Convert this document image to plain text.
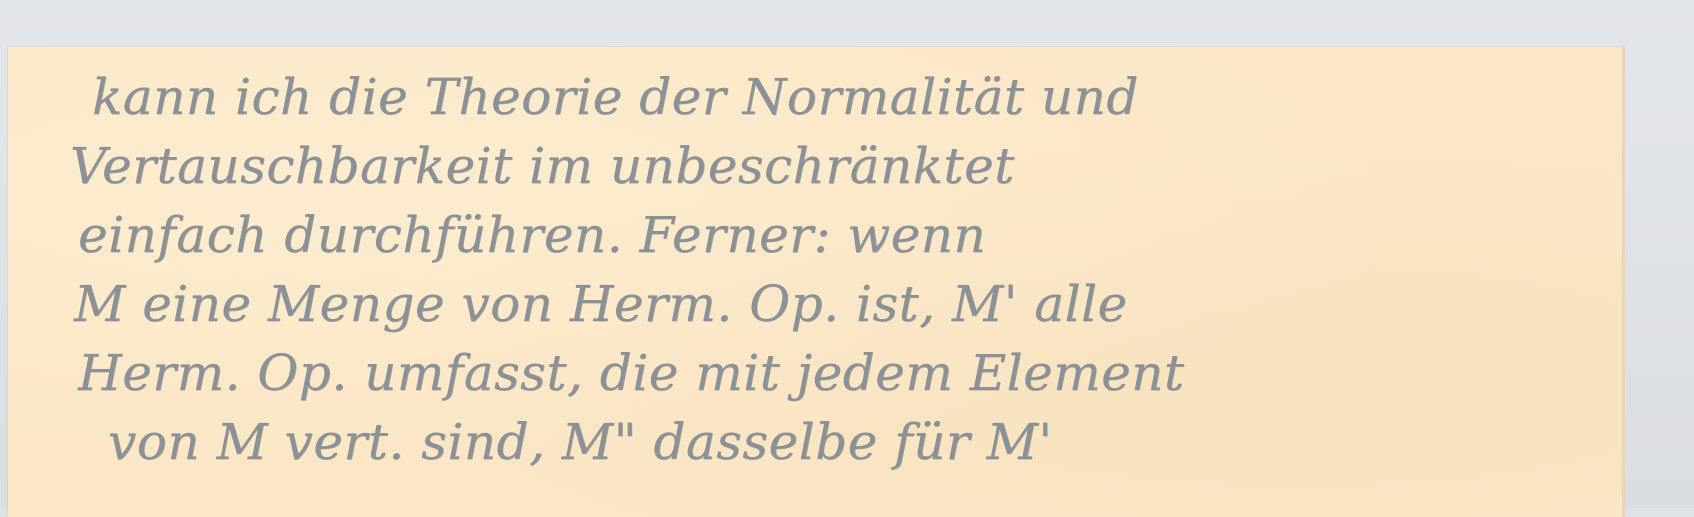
kann ich die Theorie der Normalität und
Vertauschbarkeit im unbeschränktet
einfach durchführen. Ferner: wenn
M eine Menge von Herm. Op. ist, M' alle
Herm. Op. umfasst, die mit jedem Element
von M vert. sind, M" dasselbe für M'
